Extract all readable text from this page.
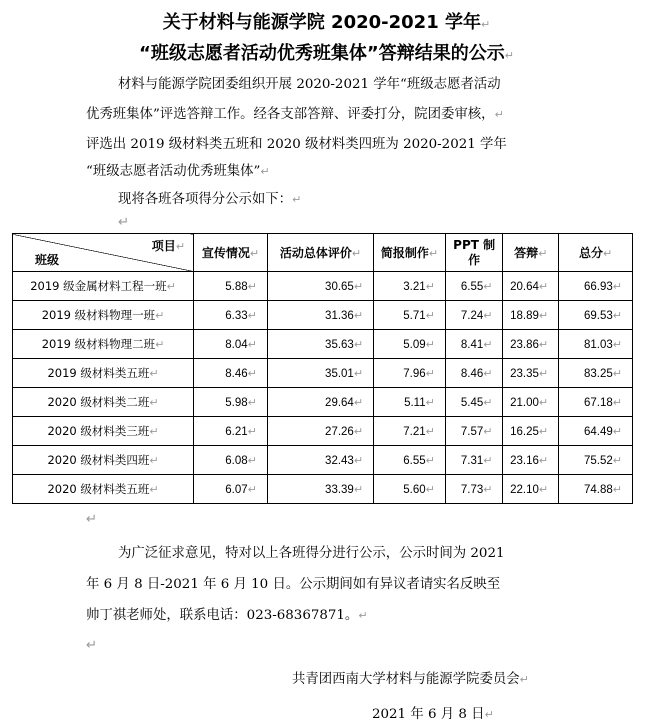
关于材料与能源学院 2020-2021 学年↵
“班级志愿者活动优秀班集体”答辩结果的公示↵
材料与能源学院团委组织开展 2020-2021 学年“班级志愿者活动
优秀班集体”评选答辩工作。经各支部答辩、评委打分，院团委审核，↵
评选出 2019 级材料类五班和 2020 级材料类四班为 2020-2021 学年
“班级志愿者活动优秀班集体”↵
现将各班各项得分公示如下：↵
↵
项目↵
班级	宣传情况↵	活动总体评价↵	简报制作↵	PPT 制作	答辩↵	总分↵
2019 级金属材料工程一班↵	5.88↵	30.65↵	3.21↵	6.55↵	20.64↵	66.93↵
2019 级材料物理一班↵	6.33↵	31.36↵	5.71↵	7.24↵	18.89↵	69.53↵
2019 级材料物理二班↵	8.04↵	35.63↵	5.09↵	8.41↵	23.86↵	81.03↵
2019 级材料类五班↵	8.46↵	35.01↵	7.96↵	8.46↵	23.35↵	83.25↵
2020 级材料类二班↵	5.98↵	29.64↵	5.11↵	5.45↵	21.00↵	67.18↵
2020 级材料类三班↵	6.21↵	27.26↵	7.21↵	7.57↵	16.25↵	64.49↵
2020 级材料类四班↵	6.08↵	32.43↵	6.55↵	7.31↵	23.16↵	75.52↵
2020 级材料类五班↵	6.07↵	33.39↵	5.60↵	7.73↵	22.10↵	74.88↵
↵
为广泛征求意见，特对以上各班得分进行公示，公示时间为 2021
年 6 月 8 日-2021 年 6 月 10 日。公示期间如有异议者请实名反映至
帅丁祺老师处，联系电话：023-68367871。↵
↵
共青团西南大学材料与能源学院委员会↵
2021 年 6 月 8 日↵
